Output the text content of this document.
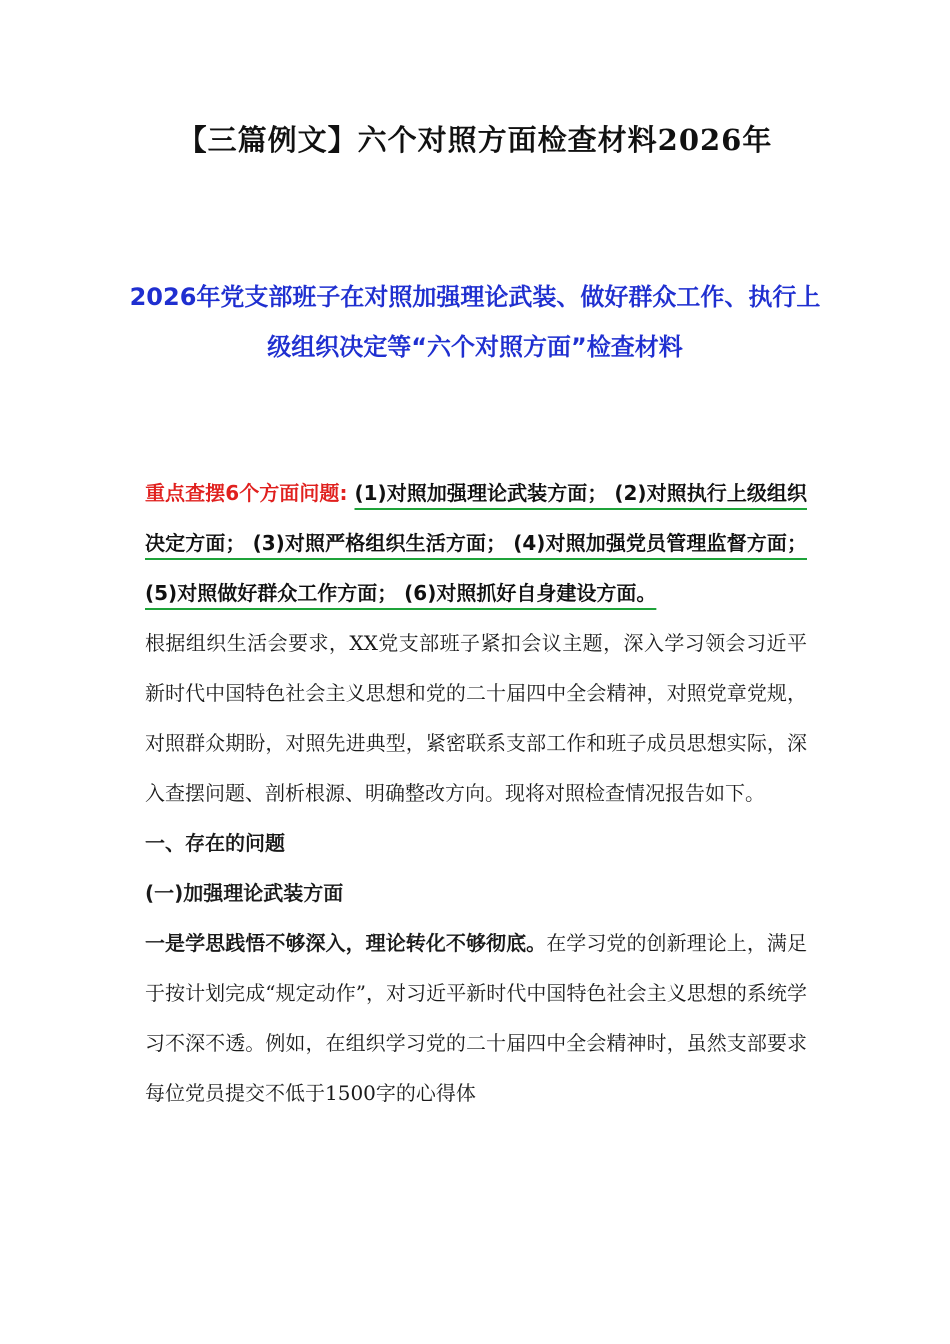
【三篇例文】六个对照方面检查材料2026年
2026年党支部班子在对照加强理论武装、做好群众工作、执行上级组织决定等“六个对照方面”检查材料

重点查摆6个方面问题: (1)对照加强理论武装方面； (2)对照执行上级组织决定方面； (3)对照严格组织生活方面； (4)对照加强党员管理监督方面； (5)对照做好群众工作方面； (6)对照抓好自身建设方面。

根据组织生活会要求，XX党支部班子紧扣会议主题，深入学习领会习近平新时代中国特色社会主义思想和党的二十届四中全会精神，对照党章党规，对照群众期盼，对照先进典型，紧密联系支部工作和班子成员思想实际，深入查摆问题、剖析根源、明确整改方向。现将对照检查情况报告如下。

一、存在的问题

(一)加强理论武装方面

一是学思践悟不够深入，理论转化不够彻底。在学习党的创新理论上，满足于按计划完成“规定动作”，对习近平新时代中国特色社会主义思想的系统学习不深不透。例如，在组织学习党的二十届四中全会精神时，虽然支部要求每位党员提交不低于1500字的心得体
